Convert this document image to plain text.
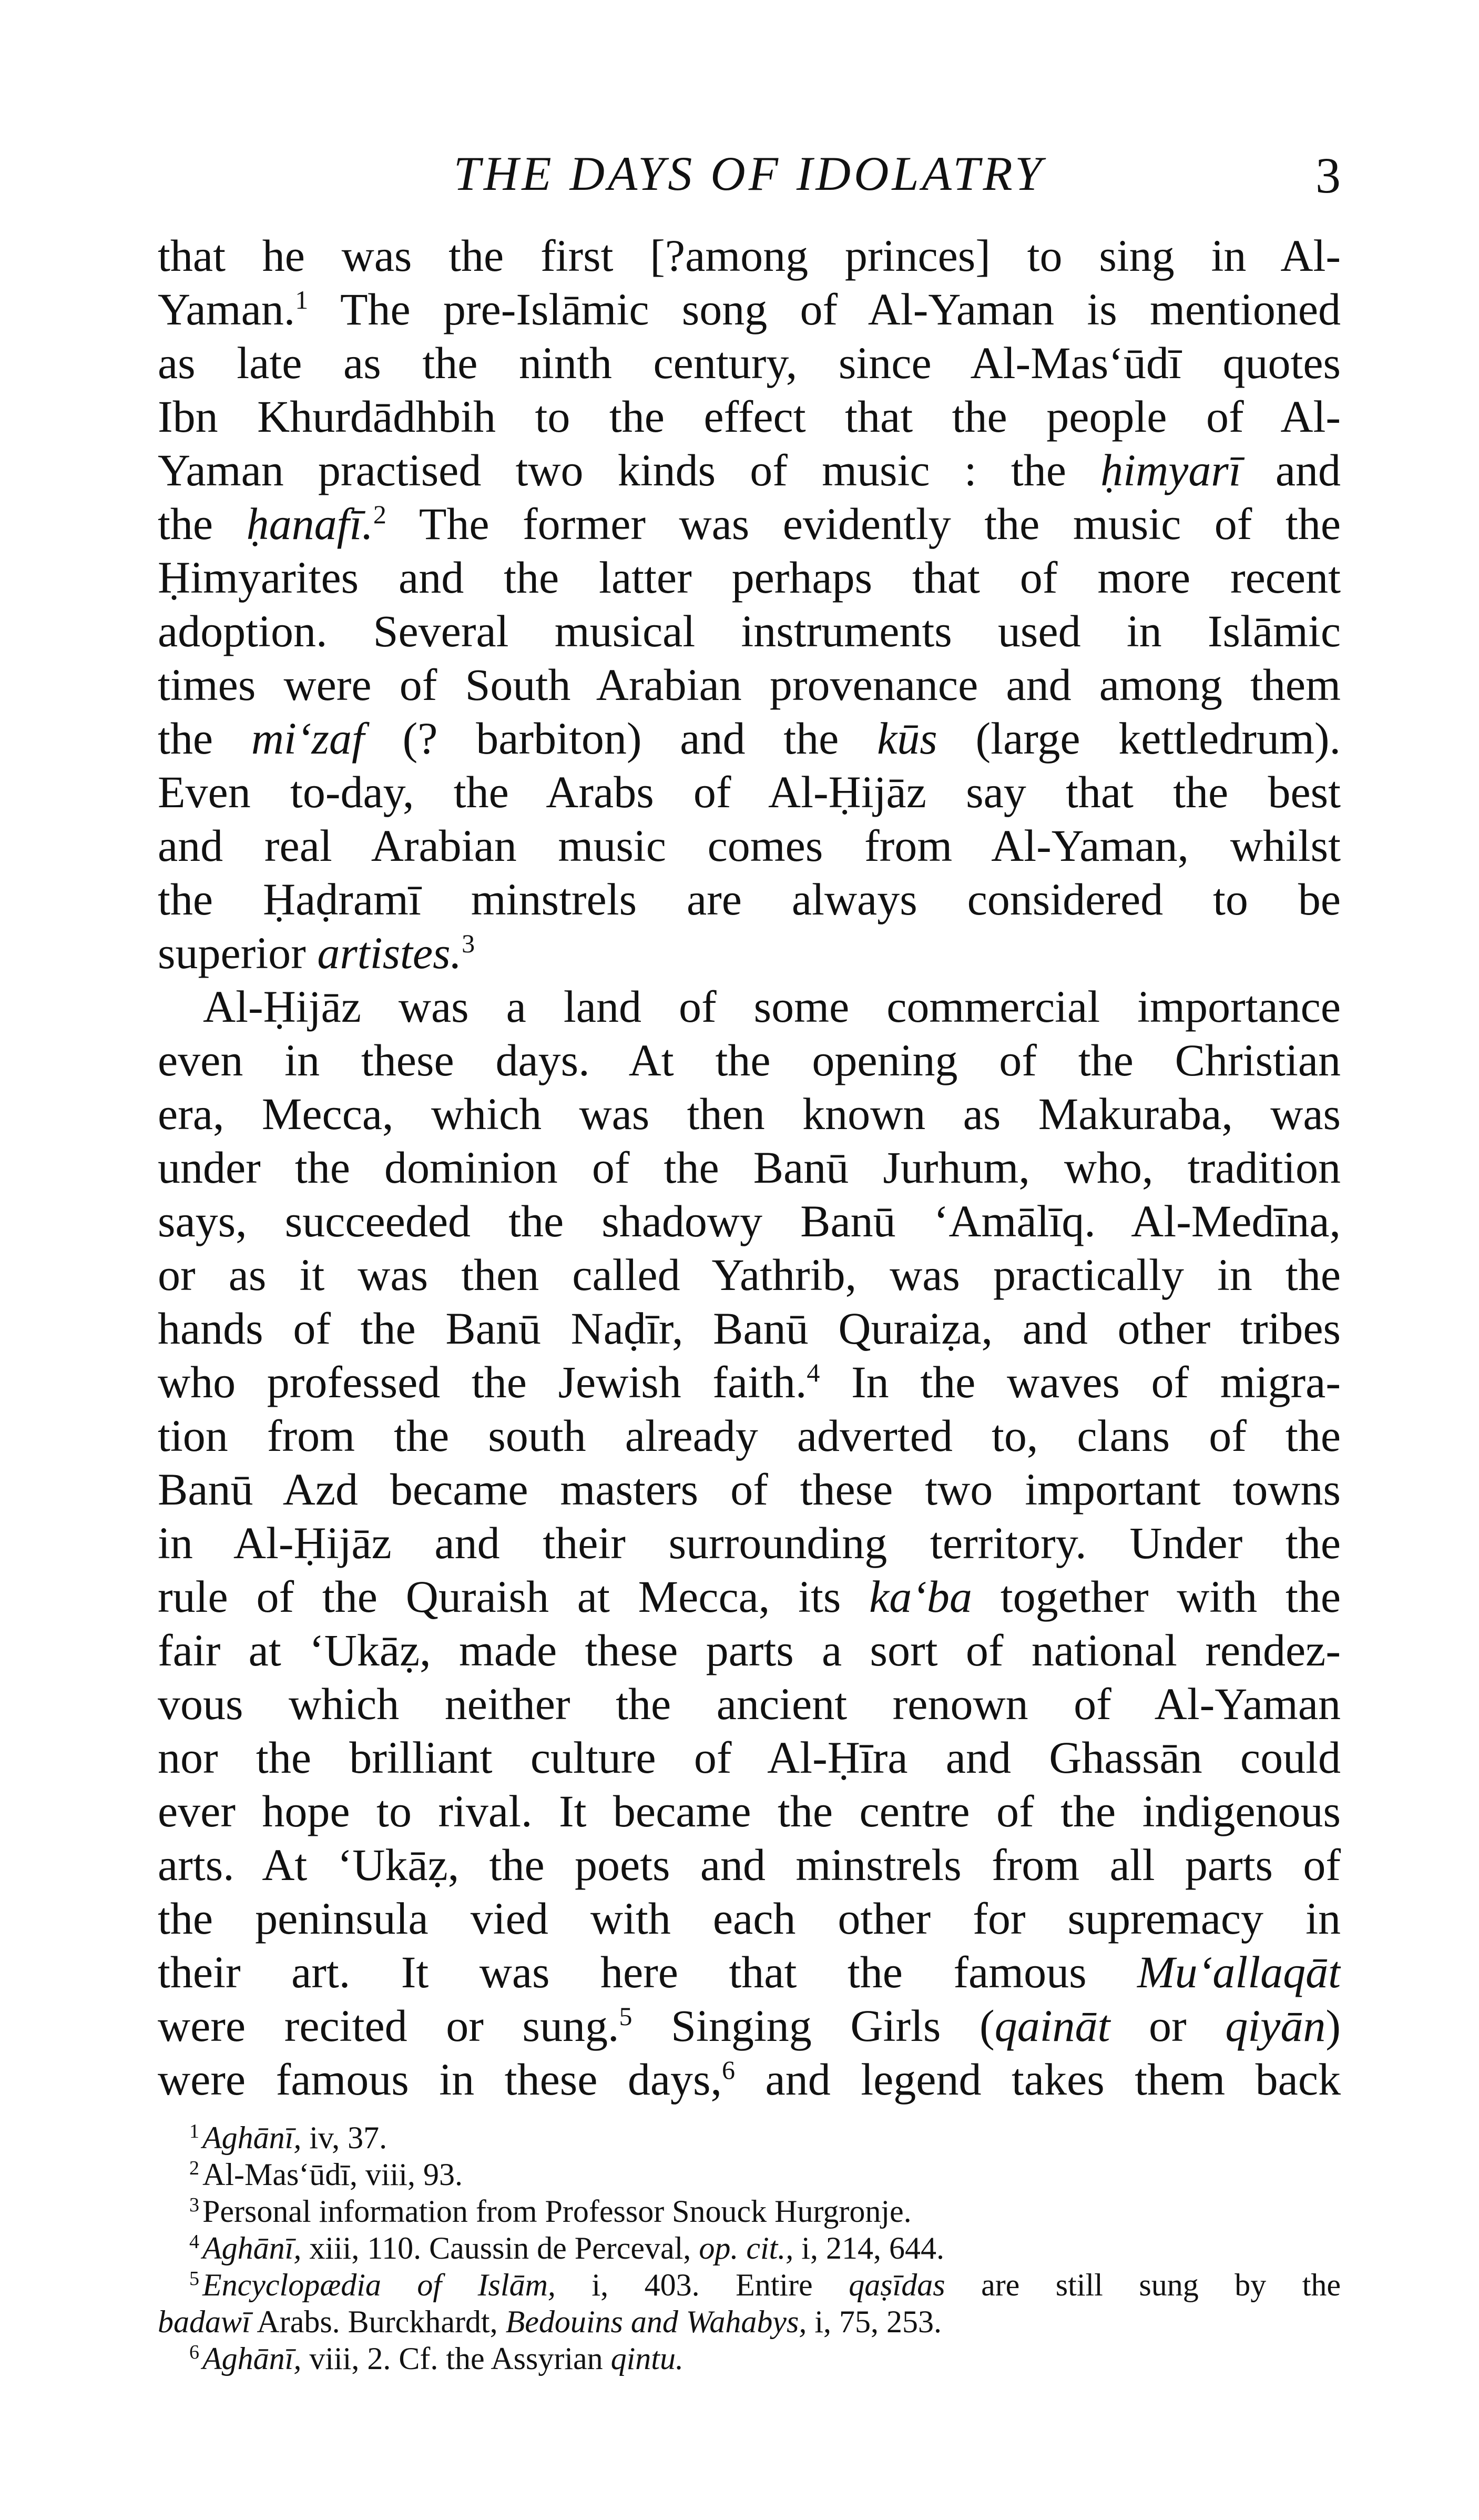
THE DAYS OF IDOLATRY	3
that he was the first [?among princes] to sing in Al-
Yaman.$^1$ The pre-Islāmic song of Al-Yaman is mentioned
as late as the ninth century, since Al-Mas‘ūdī quotes
Ibn Khurdādhbih to the effect that the people of Al-
Yaman practised two kinds of music : the ḥimyarī and
the ḥanafī.$^2$ The former was evidently the music of the
Ḥimyarites and the latter perhaps that of more recent
adoption. Several musical instruments used in Islāmic
times were of South Arabian provenance and among them
the mi‘zaf (? barbiton) and the kūs (large kettledrum).
Even to-day, the Arabs of Al-Ḥijāz say that the best
and real Arabian music comes from Al-Yaman, whilst
the Ḥaḍramī minstrels are always considered to be
superior artistes.$^3$
Al-Ḥijāz was a land of some commercial importance
even in these days. At the opening of the Christian
era, Mecca, which was then known as Makuraba, was
under the dominion of the Banū Jurhum, who, tradition
says, succeeded the shadowy Banū ‘Amālīq. Al-Medīna,
or as it was then called Yathrib, was practically in the
hands of the Banū Naḍīr, Banū Quraiẓa, and other tribes
who professed the Jewish faith.$^4$ In the waves of migra-
tion from the south already adverted to, clans of the
Banū Azd became masters of these two important towns
in Al-Ḥijāz and their surrounding territory. Under the
rule of the Quraish at Mecca, its ka‘ba together with the
fair at ‘Ukāẓ, made these parts a sort of national rendez-
vous which neither the ancient renown of Al-Yaman
nor the brilliant culture of Al-Ḥīra and Ghassān could
ever hope to rival. It became the centre of the indigenous
arts. At ‘Ukāẓ, the poets and minstrels from all parts of
the peninsula vied with each other for supremacy in
their art. It was here that the famous Mu‘allaqāt
were recited or sung.$^5$ Singing Girls (qaināt or qiyān)
were famous in these days,$^6$ and legend takes them back
$^1$ Aghānī, iv, 37.
$^2$ Al-Mas‘ūdī, viii, 93.
$^3$ Personal information from Professor Snouck Hurgronje.
$^4$ Aghānī, xiii, 110. Caussin de Perceval, op. cit., i, 214, 644.
$^5$ Encyclopædia of Islām, i, 403. Entire qaṣīdas are still sung by the
badawī Arabs. Burckhardt, Bedouins and Wahabys, i, 75, 253.
$^6$ Aghānī, viii, 2. Cf. the Assyrian qintu.
